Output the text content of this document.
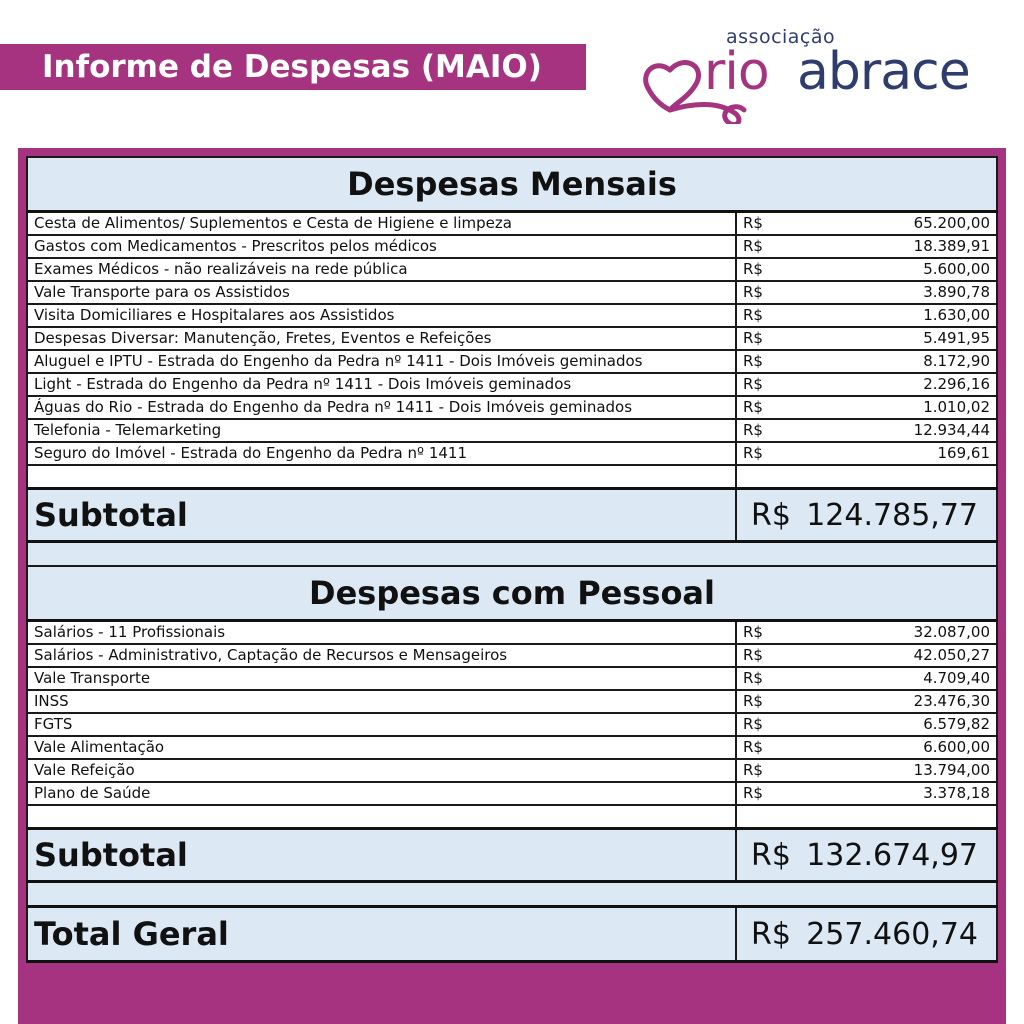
Informe de Despesas (MAIO)
associação
rio abrace
Despesas Mensais		
Cesta de Alimentos/ Suplementos e Cesta de Higiene e limpeza	R$	65.200,00
Gastos com Medicamentos - Prescritos pelos médicos	R$	18.389,91
Exames Médicos - não realizáveis na rede pública	R$	5.600,00
Vale Transporte para os Assistidos	R$	3.890,78
Visita Domiciliares e Hospitalares aos Assistidos	R$	1.630,00
Despesas Diversar: Manutenção, Fretes, Eventos e Refeições	R$	5.491,95
Aluguel e IPTU - Estrada do Engenho da Pedra nº 1411 - Dois Imóveis geminados	R$	8.172,90
Light - Estrada do Engenho da Pedra nº 1411 - Dois Imóveis geminados	R$	2.296,16
Águas do Rio - Estrada do Engenho da Pedra nº 1411 - Dois Imóveis geminados	R$	1.010,02
Telefonia - Telemarketing	R$	12.934,44
Seguro do Imóvel - Estrada do Engenho da Pedra nº 1411	R$	169,61

Subtotal	R$	124.785,77

Despesas com Pessoal		
Salários - 11 Profissionais	R$	32.087,00
Salários - Administrativo, Captação de Recursos e Mensageiros	R$	42.050,27
Vale Transporte	R$	4.709,40
INSS	R$	23.476,30
FGTS	R$	6.579,82
Vale Alimentação	R$	6.600,00
Vale Refeição	R$	13.794,00
Plano de Saúde	R$	3.378,18

Subtotal	R$	132.674,97

Total Geral	R$	257.460,74
